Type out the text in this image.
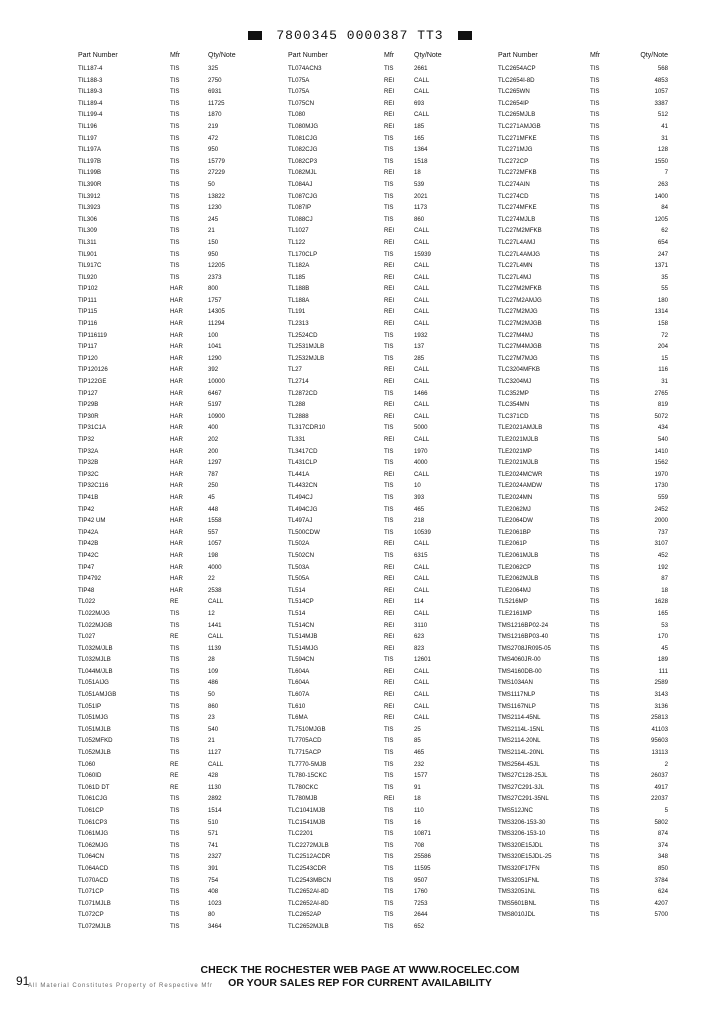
7800345 0000387 TT3
Part Number	Mfr	Qty/Note
TIL187-4	TIS	325
TIL188-3	TIS	2750
TIL189-3	TIS	6931
TIL189-4	TIS	11725
TIL199-4	TIS	1870
TIL196	TIS	219
TIL197	TIS	472
TIL197A	TIS	950
TIL197B	TIS	15779
TIL199B	TIS	27229
TIL390R	TIS	50
TIL3912	TIS	13822
TIL3923	TIS	1230
TIL306	TIS	245
TIL309	TIS	21
TIL311	TIS	150
TIL901	TIS	950
TIL917C	TIS	12205
TIL920	TIS	2373
TIP102	HAR	800
TIP111	HAR	1757
TIP115	HAR	14305
TIP116	HAR	11294
TIP116119	HAR	100
TIP117	HAR	1041
TIP120	HAR	1290
TIP120126	HAR	392
TIP122GE	HAR	10000
TIP127	HAR	6467
TIP29B	HAR	5197
TIP30R	HAR	10900
TIP31C1A	HAR	400
TIP32	HAR	202
TIP32A	HAR	200
TIP32B	HAR	1297
TIP32C	HAR	787
TIP32C116	HAR	250
TIP41B	HAR	45
TIP42	HAR	448
TIP42 UM	HAR	1558
TIP42A	HAR	557
TIP42B	HAR	1057
TIP42C	HAR	198
TIP47	HAR	4000
TIP4792	HAR	22
TIP48	HAR	2538
TL022	RE	CALL
TL022M/JG	TIS	12
TL022MJGB	TIS	1441
TL027	RE	CALL
TL032M/JLB	TIS	1139
TL032MJLB	TIS	28
TL044M/JLB	TIS	109
TL051AIJG	TIS	486
TL051AMJGB	TIS	50
TL051IP	TIS	860
TL051MJG	TIS	23
TL051MJLB	TIS	540
TL052MFKD	TIS	21
TL052MJLB	TIS	1127
TL060	RE	CALL
TL060ID	RE	428
TL061D DT	RE	1130
TL061CJG	TIS	2892
TL061CP	TIS	1514
TL061CP3	TIS	510
TL061MJG	TIS	571
TL062MJG	TIS	741
TL064CN	TIS	2327
TL064ACD	TIS	391
TL070ACD	TIS	754
TL071CP	TIS	408
TL071MJLB	TIS	1023
TL072CP	TIS	80
TL072MJLB	TIS	3464
Part Number	Mfr	Qty/Note
TL074ACN3	TIS	2661
TL075A	REI	CALL
TL075A	REI	CALL
TL075CN	REI	693
TL080	REI	CALL
TL080MJG	REI	185
TL081CJG	TIS	165
TL082CJG	TIS	1364
TL082CP3	TIS	1518
TL082MJL	REI	18
TL084AJ	TIS	539
TL087CJG	TIS	2021
TL087IP	TIS	1173
TL088CJ	TIS	860
TL1027	REI	CALL
TL122	REI	CALL
TL170CLP	TIS	15939
TL182A	REI	CALL
TL185	REI	CALL
TL188B	REI	CALL
TL188A	REI	CALL
TL191	REI	CALL
TL2313	REI	CALL
TL2524CD	TIS	1932
TL2531MJLB	TIS	137
TL2532MJLB	TIS	285
TL27	REI	CALL
TL2714	REI	CALL
TL2872CD	TIS	1466
TL288	REI	CALL
TL2888	REI	CALL
TL317CDR10	TIS	5000
TL331	REI	CALL
TL3417CD	TIS	1970
TL431CLP	TIS	4000
TL441A	REI	CALL
TL4432CN	TIS	10
TL494CJ	TIS	393
TL494CJG	TIS	465
TL497AJ	TIS	218
TL500CDW	TIS	10539
TL502A	REI	CALL
TL502CN	TIS	6315
TL503A	REI	CALL
TL505A	REI	CALL
TL514	REI	CALL
TL514CP	REI	114
TL514	REI	CALL
TL514CN	REI	3110
TL514MJB	REI	623
TL514MJG	REI	823
TL594CN	TIS	12601
TL604A	REI	CALL
TL604A	REI	CALL
TL607A	REI	CALL
TL610	REI	CALL
TL6MA	REI	CALL
TL7510MJGB	TIS	25
TL7705ACD	TIS	85
TL7715ACP	TIS	465
TL7770-5MJB	TIS	232
TL780-15CKC	TIS	1577
TL780CKC	TIS	91
TL780MJB	REI	18
TLC1041MJB	TIS	110
TLC1541MJB	TIS	16
TLC2201	TIS	10871
TLC2272MJLB	TIS	708
TLC2512ACDR	TIS	25586
TLC2543CDR	TIS	11595
TLC2543MBCN	TIS	9507
TLC2652AI-8D	TIS	1760
TLC2652AI-8D	TIS	7253
TLC2652AP	TIS	2644
TLC2652MJLB	TIS	652
Part Number	Mfr	Qty/Note
TLC2654ACP	TIS	568
TLC2654I-8D	TIS	4853
TLC265WN	TIS	1057
TLC2654IP	TIS	3387
TLC265MJLB	TIS	512
TLC271AMJGB	TIS	41
TLC271MFKE	TIS	31
TLC271MJG	TIS	128
TLC272CP	TIS	1550
TLC272MFKB	TIS	7
TLC274AIN	TIS	263
TLC274CD	TIS	1400
TLC274MFKE	TIS	84
TLC274MJLB	TIS	1205
TLC27M2MFKB	TIS	62
TLC27L4AMJ	TIS	654
TLC27L4AMJG	TIS	247
TLC27L4MN	TIS	1371
TLC27L4MJ	TIS	35
TLC27M2MFKB	TIS	55
TLC27M2AMJG	TIS	180
TLC27M2MJG	TIS	1314
TLC27M2MJGB	TIS	158
TLC27M4MJ	TIS	72
TLC27M4MJGB	TIS	204
TLC27M7MJG	TIS	15
TLC3204MFKB	TIS	116
TLC3204MJ	TIS	31
TLC352MP	TIS	2765
TLC354MN	TIS	819
TLC371CD	TIS	5072
TLE2021AMJLB	TIS	434
TLE2021MJLB	TIS	540
TLE2021MP	TIS	1410
TLE2021MJLB	TIS	1562
TLE2024MCWR	TIS	1970
TLE2024AMDW	TIS	1730
TLE2024MN	TIS	559
TLE2062MJ	TIS	2452
TLE2064DW	TIS	2000
TLE2061BP	TIS	737
TLE2061P	TIS	3107
TLE2061MJLB	TIS	452
TLE2062CP	TIS	192
TLE2062MJLB	TIS	87
TLE2064MJ	TIS	18
TL5216MP	TIS	1628
TLE2161MP	TIS	165
TMS1216BP02-24	TIS	53
TMS1216BP03-40	TIS	170
TMS2708JR095-05	TIS	45
TMS4060JR-00	TIS	189
TMS4160DB-00	TIS	111
TMS1034AN	TIS	2589
TMS1117NLP	TIS	3143
TMS1167NLP	TIS	3136
TMS2114-45NL	TIS	25813
TMS2114L-15NL	TIS	41103
TMS2114-20NL	TIS	95603
TMS2114L-20NL	TIS	13113
TMS2564-45JL	TIS	2
TMS27C128-25JL	TIS	26037
TMS27C291-3JL	TIS	4917
TMS27C291-35NL	TIS	22037
TMS512JNC	TIS	5
TMS3206-153-30	TIS	5802
TMS3206-153-10	TIS	874
TMS320E15JDL	TIS	374
TMS320E15JDL-25	TIS	348
TMS320F17FN	TIS	850
TMS32051FNL	TIS	3784
TMS32051NL	TIS	624
TMS5601BNL	TIS	4207
TMS8010JDL	TIS	5700
CHECK THE ROCHESTER WEB PAGE AT WWW.ROCELEC.COM
OR YOUR SALES REP FOR CURRENT AVAILABILITY
91
All Material Constitutes Property of Respective Mfr
